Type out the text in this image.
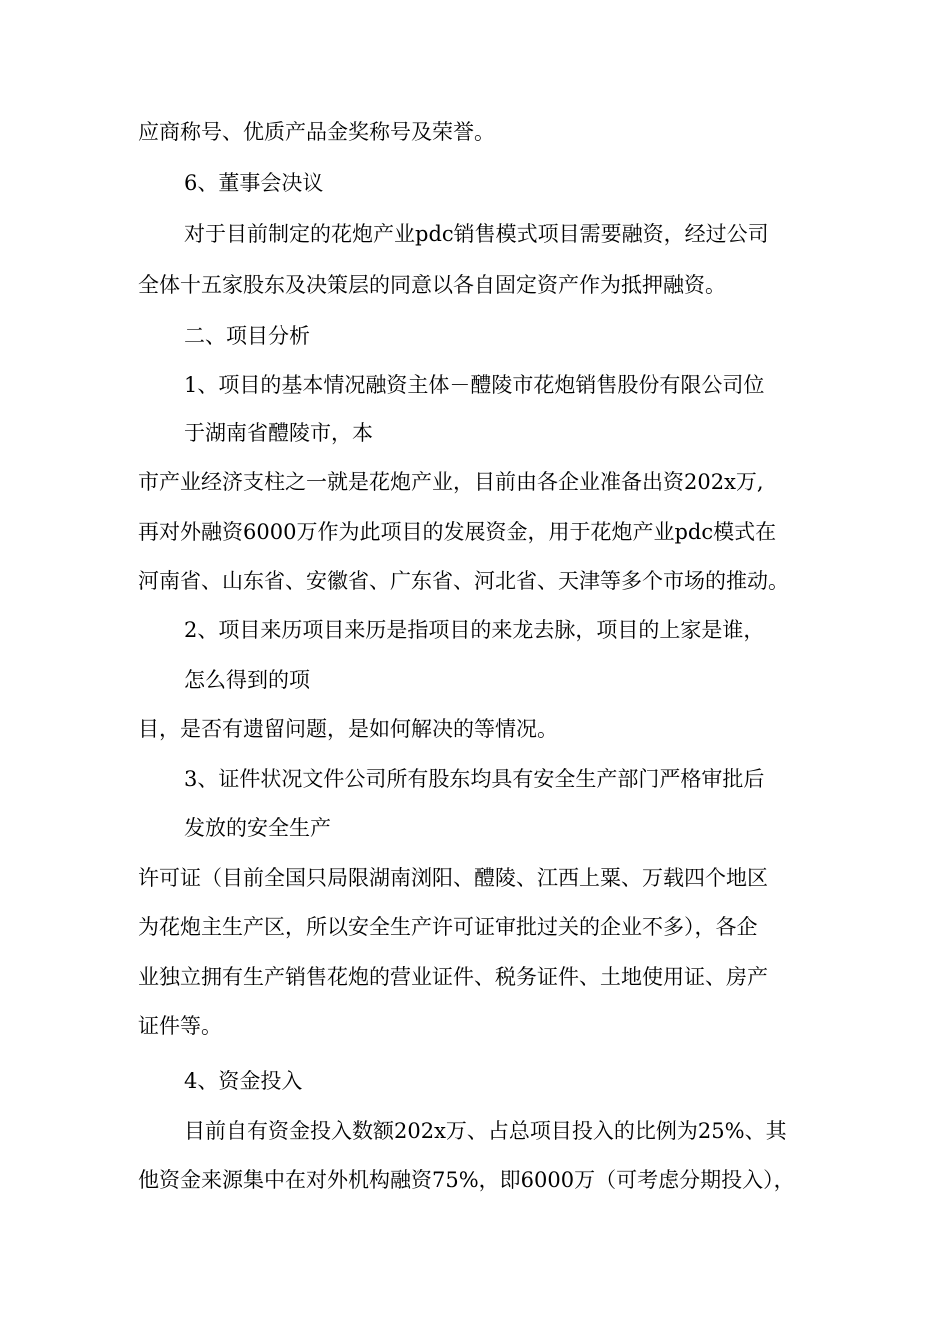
应商称号、优质产品金奖称号及荣誉。
6、董事会决议
对于目前制定的花炮产业pdc销售模式项目需要融资，经过公司
全体十五家股东及决策层的同意以各自固定资产作为抵押融资。
二、项目分析
1、项目的基本情况融资主体－醴陵市花炮销售股份有限公司位
于湖南省醴陵市，本
市产业经济支柱之一就是花炮产业，目前由各企业准备出资202x万,
再对外融资6000万作为此项目的发展资金，用于花炮产业pdc模式在
河南省、山东省、安徽省、广东省、河北省、天津等多个市场的推动。
2、项目来历项目来历是指项目的来龙去脉，项目的上家是谁，
怎么得到的项
目，是否有遗留问题，是如何解决的等情况。
3、证件状况文件公司所有股东均具有安全生产部门严格审批后
发放的安全生产
许可证（目前全国只局限湖南浏阳、醴陵、江西上粟、万载四个地区
为花炮主生产区，所以安全生产许可证审批过关的企业不多），各企
业独立拥有生产销售花炮的营业证件、税务证件、土地使用证、房产
证件等。
4、资金投入
目前自有资金投入数额202x万、占总项目投入的比例为25%、其
他资金来源集中在对外机构融资75%，即6000万（可考虑分期投入），
